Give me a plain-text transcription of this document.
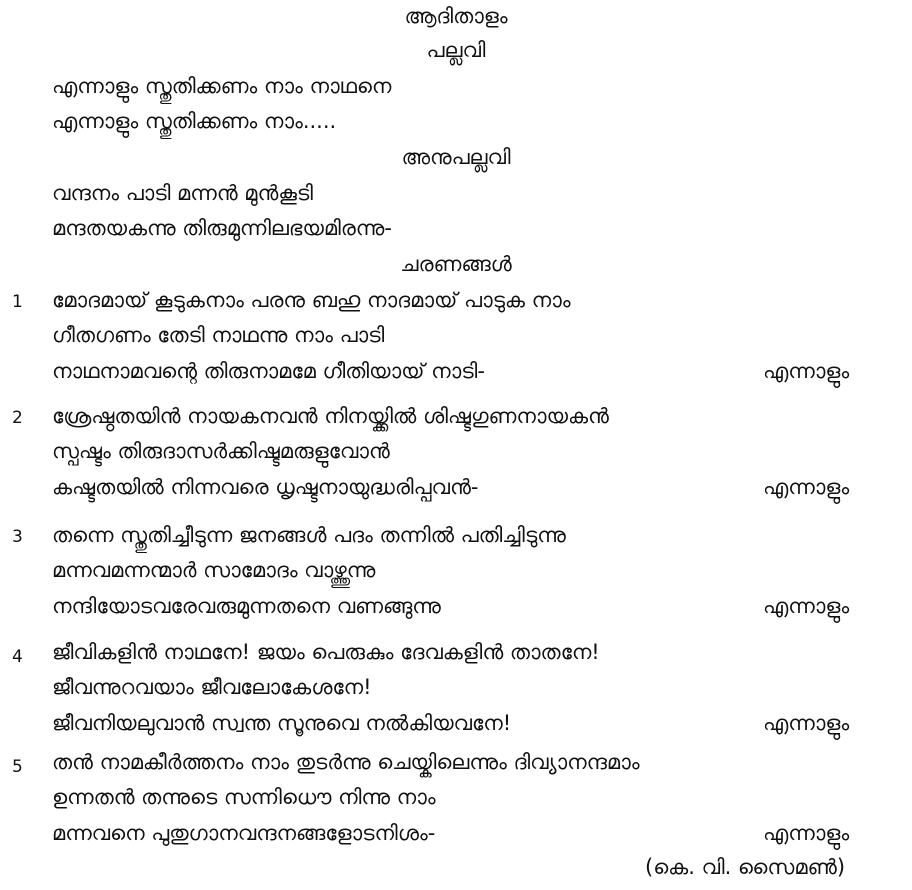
ആദിതാളം
പല്ലവി
എന്നാളും സ്തുതിക്കണം നാം നാഥനെ
എന്നാളും സ്തുതിക്കണം നാം.....
അനുപല്ലവി
വന്ദനം പാടി മന്നൻ മുൻകൂടി
മന്ദതയകന്നു തിരുമുന്നിലഭയമിരന്നു-
ചരണങ്ങൾ
1 മോദമായ് കൂടുകനാം പരനു ബഹു നാദമായ് പാടുക നാം
ഗീതഗണം തേടി നാഥന്നു നാം പാടി
നാഥനാമവന്റെ തിരുനാമമേ ഗീതിയായ് നാടി-	എന്നാളും
2 ശ്രേഷ്ഠതയിൻ നായകനവൻ നിനയ്ക്കിൽ ശിഷ്ടഗുണനായകൻ
സ്പഷ്ടം തിരുദാസർക്കിഷ്ടമരുളുവോൻ
കഷ്ടതയിൽ നിന്നവരെ ധൃഷ്ടനായുദ്ധരിപ്പവൻ-	എന്നാളും
3 തന്നെ സ്തുതിച്ചീടുന്ന ജനങ്ങൾ പദം തന്നിൽ പതിച്ചിടുന്നു
മന്നവമന്നന്മാർ സാമോദം വാഴ്ത്തുന്നു
നന്ദിയോടവരേവരുമുന്നതനെ വണങ്ങുന്നു	എന്നാളും
4 ജീവികളിൻ നാഥനേ! ജയം പെരുകും ദേവകളിൻ താതനേ!
ജീവന്നുറവയാം ജീവലോകേശനേ!
ജീവനിയലുവാൻ സ്വന്ത സൂനുവെ നൽകിയവനേ!	എന്നാളും
5 തൻ നാമകീർത്തനം നാം തുടർന്നു ചെയ്കിലെന്നും ദിവ്യാനന്ദമാം
ഉന്നതൻ തന്നുടെ സന്നിധൌ നിന്നു നാം
മന്നവനെ പുതുഗാനവന്ദനങ്ങളോടനിശം-	എന്നാളും
(കെ. വി. സൈമൺ)
